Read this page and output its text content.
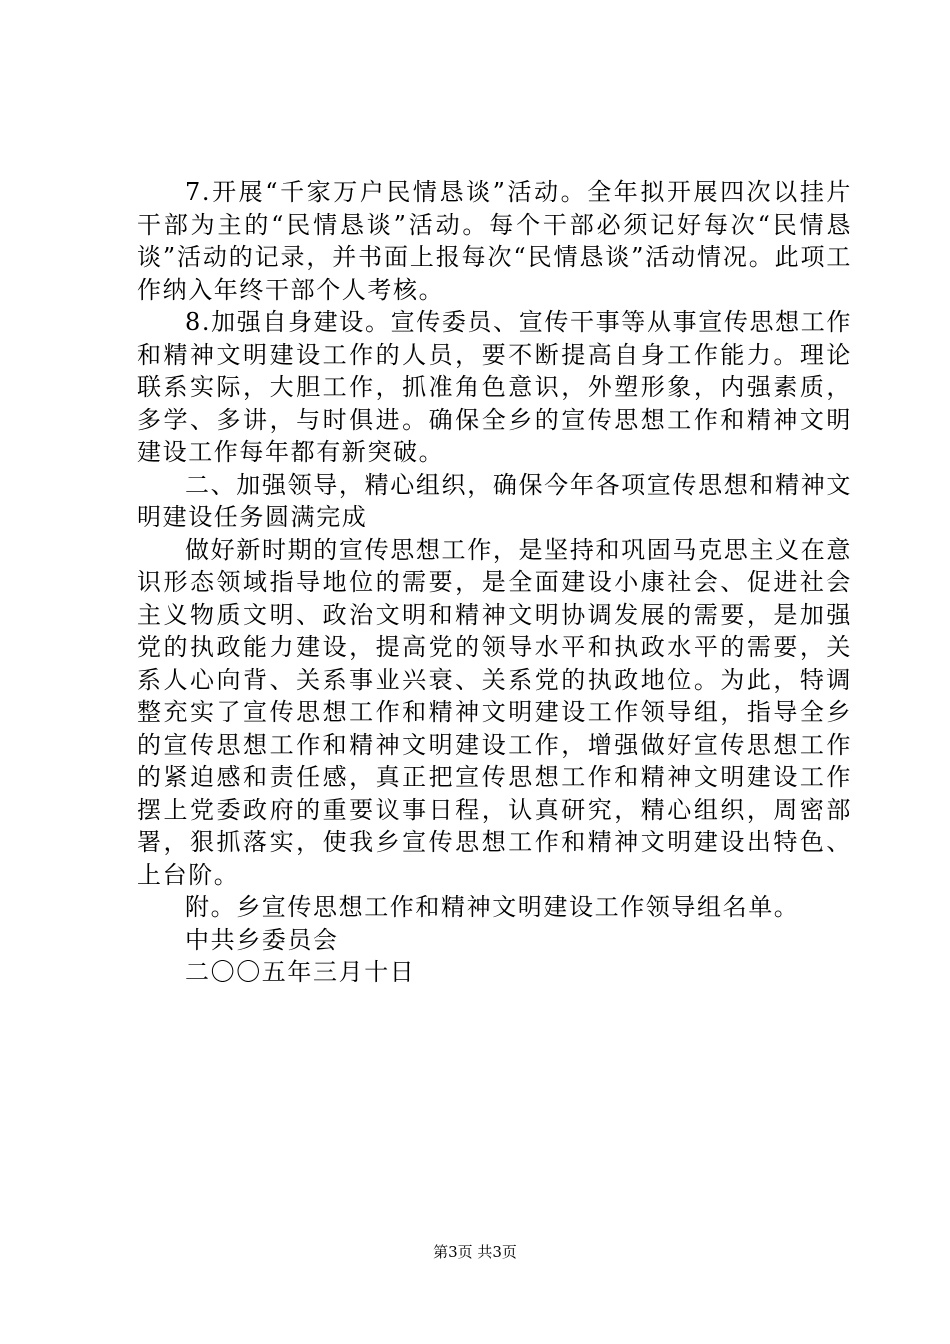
7.开展“千家万户民情恳谈”活动。全年拟开展四次以挂片干部为主的“民情恳谈”活动。每个干部必须记好每次“民情恳谈”活动的记录，并书面上报每次“民情恳谈”活动情况。此项工作纳入年终干部个人考核。

8.加强自身建设。宣传委员、宣传干事等从事宣传思想工作和精神文明建设工作的人员，要不断提高自身工作能力。理论联系实际，大胆工作，抓准角色意识，外塑形象，内强素质，多学、多讲，与时俱进。确保全乡的宣传思想工作和精神文明建设工作每年都有新突破。

二、加强领导，精心组织，确保今年各项宣传思想和精神文明建设任务圆满完成

做好新时期的宣传思想工作，是坚持和巩固马克思主义在意识形态领域指导地位的需要，是全面建设小康社会、促进社会主义物质文明、政治文明和精神文明协调发展的需要，是加强党的执政能力建设，提高党的领导水平和执政水平的需要，关系人心向背、关系事业兴衰、关系党的执政地位。为此，特调整充实了宣传思想工作和精神文明建设工作领导组，指导全乡的宣传思想工作和精神文明建设工作，增强做好宣传思想工作的紧迫感和责任感，真正把宣传思想工作和精神文明建设工作摆上党委政府的重要议事日程，认真研究，精心组织，周密部署，狠抓落实，使我乡宣传思想工作和精神文明建设出特色、上台阶。

附。乡宣传思想工作和精神文明建设工作领导组名单。

中共乡委员会

二〇〇五年三月十日

第3页 共3页
